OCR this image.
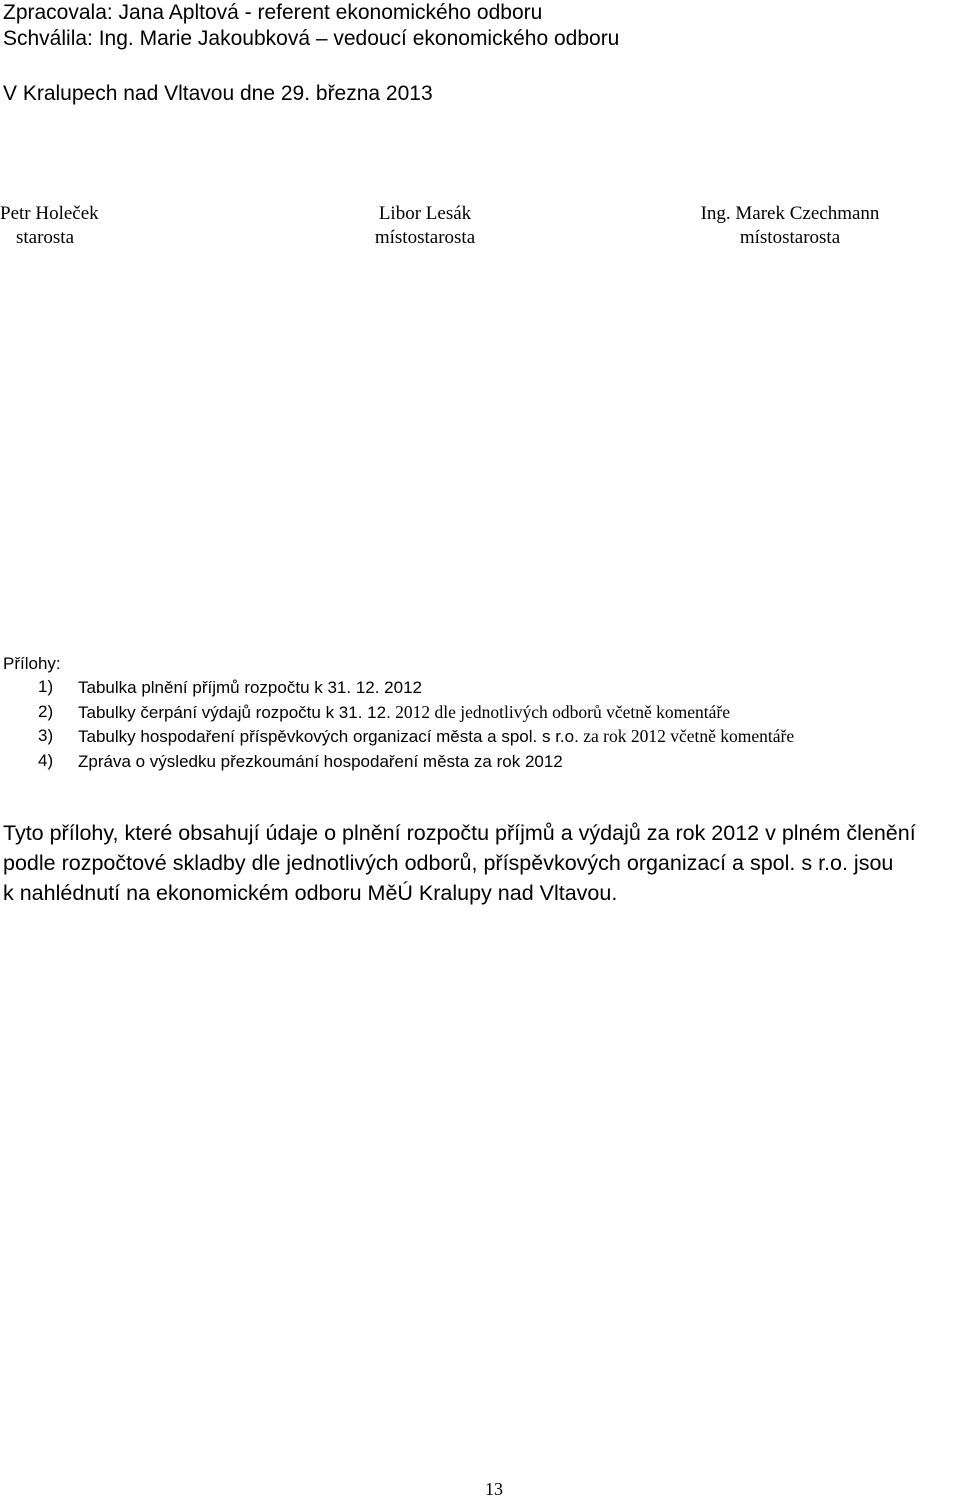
Zpracovala: Jana Apltová - referent ekonomického odboru
Schválila: Ing. Marie Jakoubková – vedoucí ekonomického odboru
V Kralupech nad Vltavou dne 29. března 2013
Petr Holeček
starosta
Libor Lesák
místostarosta
Ing. Marek Czechmann
místostarosta
Přílohy:
1) Tabulka plnění příjmů rozpočtu k 31. 12. 2012
2) Tabulky čerpání výdajů rozpočtu k 31. 12. 2012 dle jednotlivých odborů včetně komentáře
3) Tabulky hospodaření příspěvkových organizací města a spol. s r.o. za rok 2012 včetně komentáře
4) Zpráva o výsledku přezkoumání hospodaření města za rok 2012
Tyto přílohy, které obsahují údaje o plnění rozpočtu příjmů a výdajů za rok 2012 v plném členění
podle rozpočtové skladby dle jednotlivých odborů, příspěvkových organizací a spol. s r.o. jsou
k nahlédnutí na ekonomickém odboru MěÚ Kralupy nad Vltavou.
13
